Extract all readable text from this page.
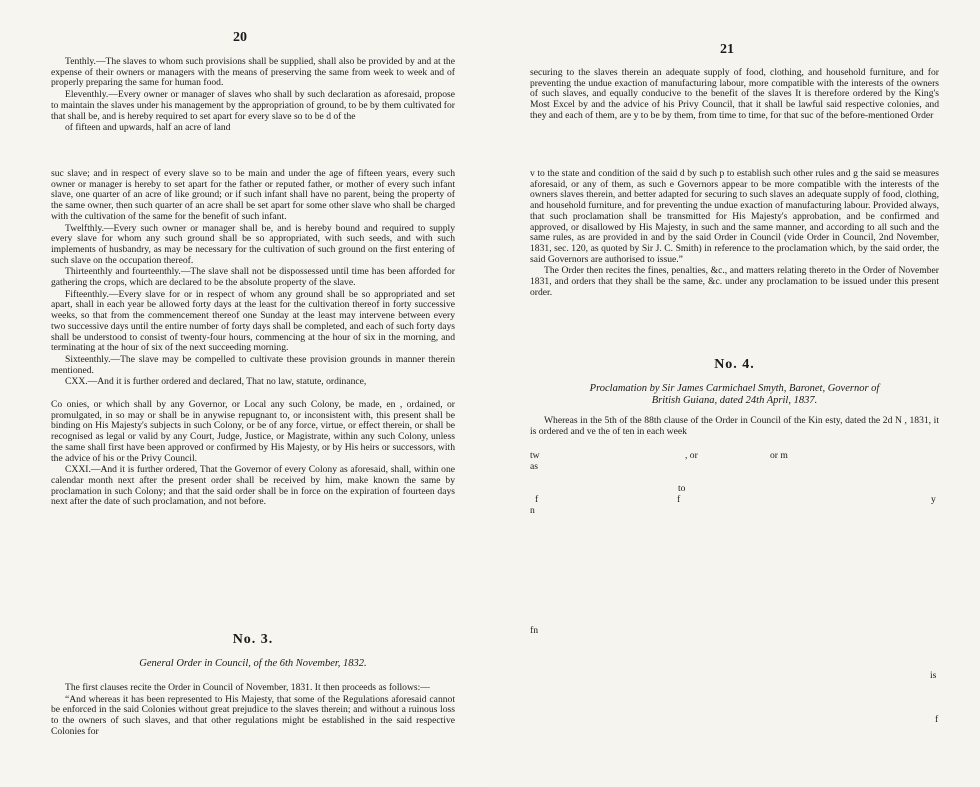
20

Tenthly.—The slaves to whom such provisions shall be supplied, shall also be provided by and at the expense of their owners or managers with the means of preserving the same from week to week and of properly preparing the same for human food.

Eleventhly.—Every owner or manager of slaves who shall by such declaration as aforesaid, propose to maintain the slaves under his management by the appropriation of ground, to be by them cultivated for that shall be, and is hereby required to set apart for every slave so to be d of the

of fifteen and upwards, half an acre of land

suc slave; and in respect of every slave so to be main and under the age of fifteen years, every such owner or manager is hereby to set apart for the father or reputed father, or mother of every such infant slave, one quarter of an acre of like ground; or if such infant shall have no parent, being the property of the same owner, then such quarter of an acre shall be set apart for some other slave who shall be charged with the cultivation of the same for the benefit of such infant.

Twelfthly.—Every such owner or manager shall be, and is hereby bound and required to supply every slave for whom any such ground shall be so appropriated, with such seeds, and with such implements of husbandry, as may be necessary for the cultivation of such ground on the first entering of such slave on the occupation thereof.

Thirteenthly and fourteenthly.—The slave shall not be dispossessed until time has been afforded for gathering the crops, which are declared to be the absolute property of the slave.

Fifteenthly.—Every slave for or in respect of whom any ground shall be so appropriated and set apart, shall in each year be allowed forty days at the least for the cultivation thereof in forty successive weeks, so that from the commencement thereof one Sunday at the least may intervene between every two successive days until the entire number of forty days shall be completed, and each of such forty days shall be understood to consist of twenty-four hours, commencing at the hour of six in the morning, and terminating at the hour of six of the next succeeding morning.

Sixteenthly.—The slave may be compelled to cultivate these provision grounds in manner therein mentioned.

CXX.—And it is further ordered and declared, That no law, statute, ordinance,

Co onies, or which shall by any Governor, or Local any such Colony, be made, en , ordained, or promulgated, in so may or shall be in anywise repugnant to, or inconsistent with, this present shall be binding on His Majesty's subjects in such Colony, or be of any force, virtue, or effect therein, or shall be recognised as legal or valid by any Court, Judge, Justice, or Magistrate, within any such Colony, unless the same shall first have been approved or confirmed by His Majesty, or by His heirs or successors, with the advice of his or the Privy Council.

CXXI.—And it is further ordered, That the Governor of every Colony as aforesaid, shall, within one calendar month next after the present order shall be received by him, make known the same by proclamation in such Colony; and that the said order shall be in force on the expiration of fourteen days next after the date of such proclamation, and not before.

No. 3.
General Order in Council, of the 6th November, 1832.

The first clauses recite the Order in Council of November, 1831. It then proceeds as follows:—

“And whereas it has been represented to His Majesty, that some of the Regulations aforesaid cannot be enforced in the said Colonies without great prejudice to the slaves therein; and without a ruinous loss to the owners of such slaves, and that other regulations might be established in the said respective Colonies for

21

securing to the slaves therein an adequate supply of food, clothing, and household furniture, and for preventing the undue exaction of manufacturing labour, more compatible with the interests of the owners of such slaves, and equally conducive to the benefit of the slaves It is therefore ordered by the King's Most Excel by and the advice of his Privy Council, that it shall be lawful said respective colonies, and they and each of them, are y to be by them, from time to time, for that suc of the before-mentioned Order

v to the state and condition of the said d by such p to establish such other rules and g the said se measures aforesaid, or any of them, as such e Governors appear to be more compatible with the interests of the owners slaves therein, and better adapted for securing to such slaves an adequate supply of food, clothing, and household furniture, and for preventing the undue exaction of manufacturing labour. Provided always, that such proclamation shall be transmitted for His Majesty's approbation, and be confirmed and approved, or disallowed by His Majesty, in such and the same manner, and according to all such and the same rules, as are provided in and by the said Order in Council (vide Order in Council, 2nd November, 1831, sec. 120, as quoted by Sir J. C. Smith) in reference to the proclamation which, by the said order, the said Governors are authorised to issue.”

The Order then recites the fines, penalties, &c., and matters relating thereto in the Order of November 1831, and orders that they shall be the same, &c. under any proclamation to be issued under this present order.

No. 4.
Proclamation by Sir James Carmichael Smyth, Baronet, Governor of
British Guiana, dated 24th April, 1837.

Whereas in the 5th of the 88th clause of the Order in Council of the Kin esty, dated the 2d N , 1831, it is ordered and ve the of ten in each week

tw	, or	or m
as
to
f	f	y
n
fn
is
f
